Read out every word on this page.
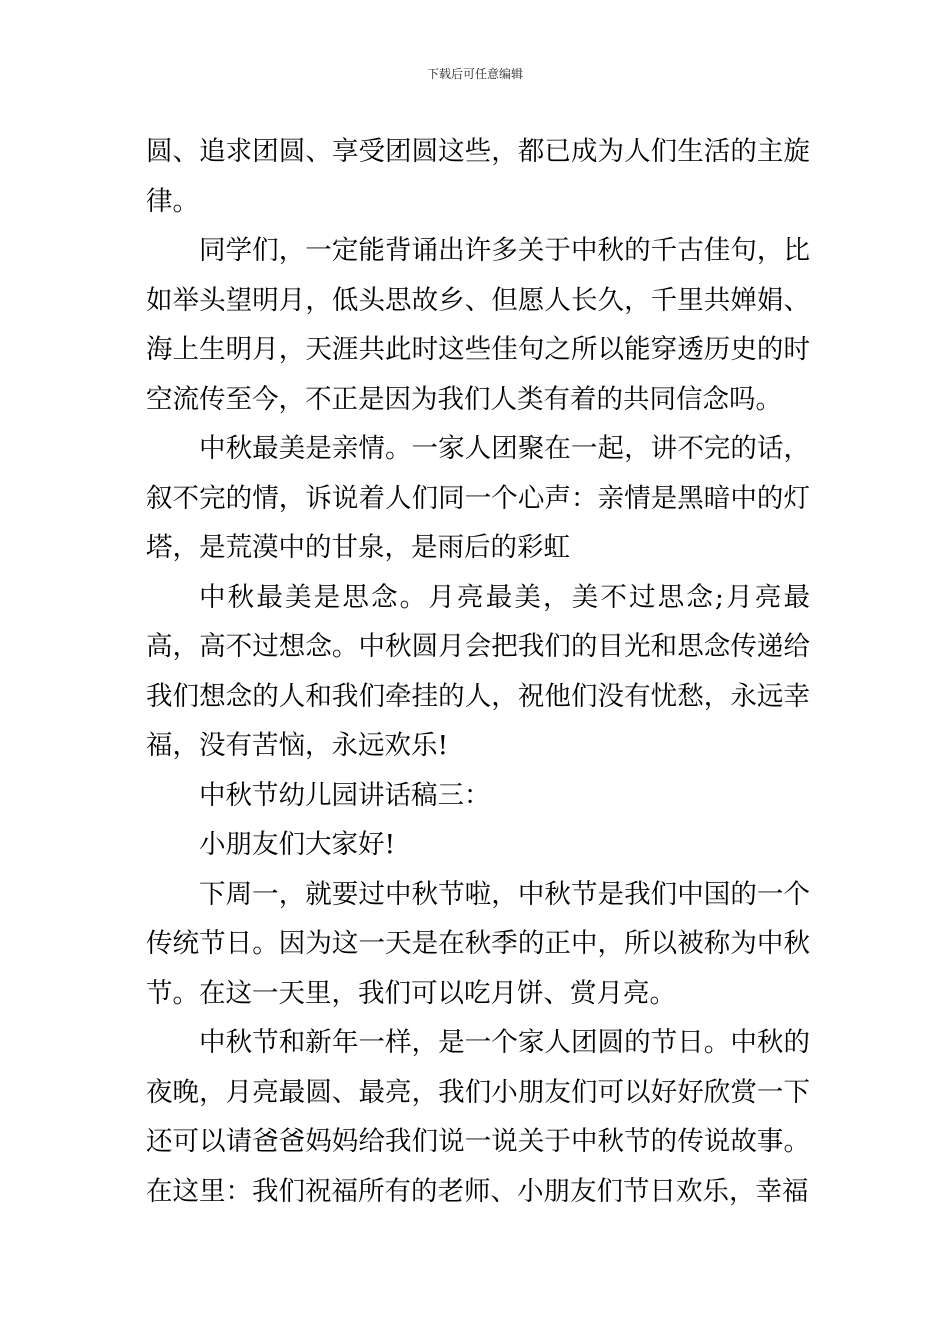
下载后可任意编辑

圆、追求团圆、享受团圆这些，都已成为人们生活的主旋律。

同学们，一定能背诵出许多关于中秋的千古佳句，比如举头望明月，低头思故乡、但愿人长久，千里共婵娟、海上生明月，天涯共此时这些佳句之所以能穿透历史的时空流传至今，不正是因为我们人类有着的共同信念吗。

中秋最美是亲情。一家人团聚在一起，讲不完的话，叙不完的情，诉说着人们同一个心声：亲情是黑暗中的灯塔，是荒漠中的甘泉，是雨后的彩虹

中秋最美是思念。月亮最美，美不过思念;月亮最高，高不过想念。中秋圆月会把我们的目光和思念传递给我们想念的人和我们牵挂的人，祝他们没有忧愁，永远幸福，没有苦恼，永远欢乐!

中秋节幼儿园讲话稿三：

小朋友们大家好!

下周一，就要过中秋节啦，中秋节是我们中国的一个传统节日。因为这一天是在秋季的正中，所以被称为中秋节。在这一天里，我们可以吃月饼、赏月亮。

中秋节和新年一样，是一个家人团圆的节日。中秋的夜晚，月亮最圆、最亮，我们小朋友们可以好好欣赏一下还可以请爸爸妈妈给我们说一说关于中秋节的传说故事。在这里：我们祝福所有的老师、小朋友们节日欢乐，幸福
